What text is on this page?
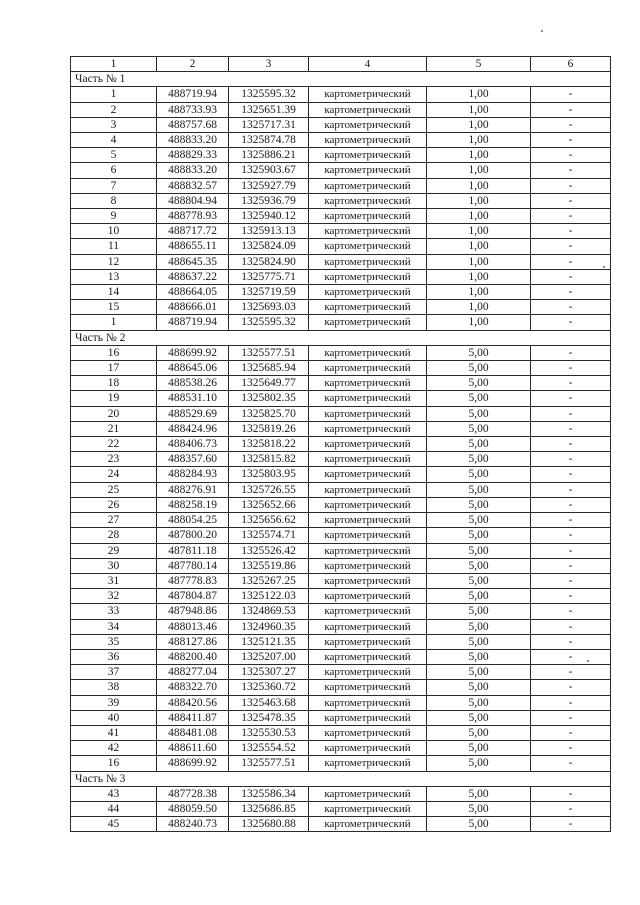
1	2	3	4	5	6
Часть № 1					
1	488719.94	1325595.32	картометрический	1,00	-
2	488733.93	1325651.39	картометрический	1,00	-
3	488757.68	1325717.31	картометрический	1,00	-
4	488833.20	1325874.78	картометрический	1,00	-
5	488829.33	1325886.21	картометрический	1,00	-
6	488833.20	1325903.67	картометрический	1,00	-
7	488832.57	1325927.79	картометрический	1,00	-
8	488804.94	1325936.79	картометрический	1,00	-
9	488778.93	1325940.12	картометрический	1,00	-
10	488717.72	1325913.13	картометрический	1,00	-
11	488655.11	1325824.09	картометрический	1,00	-
12	488645.35	1325824.90	картометрический	1,00	-
13	488637.22	1325775.71	картометрический	1,00	-
14	488664.05	1325719.59	картометрический	1,00	-
15	488666.01	1325693.03	картометрический	1,00	-
1	488719.94	1325595.32	картометрический	1,00	-
Часть № 2					
16	488699.92	1325577.51	картометрический	5,00	-
17	488645.06	1325685.94	картометрический	5,00	-
18	488538.26	1325649.77	картометрический	5,00	-
19	488531.10	1325802.35	картометрический	5,00	-
20	488529.69	1325825.70	картометрический	5,00	-
21	488424.96	1325819.26	картометрический	5,00	-
22	488406.73	1325818.22	картометрический	5,00	-
23	488357.60	1325815.82	картометрический	5,00	-
24	488284.93	1325803.95	картометрический	5,00	-
25	488276.91	1325726.55	картометрический	5,00	-
26	488258.19	1325652.66	картометрический	5,00	-
27	488054.25	1325656.62	картометрический	5,00	-
28	487800.20	1325574.71	картометрический	5,00	-
29	487811.18	1325526.42	картометрический	5,00	-
30	487780.14	1325519.86	картометрический	5,00	-
31	487778.83	1325267.25	картометрический	5,00	-
32	487804.87	1325122.03	картометрический	5,00	-
33	487948.86	1324869.53	картометрический	5,00	-
34	488013.46	1324960.35	картометрический	5,00	-
35	488127.86	1325121.35	картометрический	5,00	-
36	488200.40	1325207.00	картометрический	5,00	-
37	488277.04	1325307.27	картометрический	5,00	-
38	488322.70	1325360.72	картометрический	5,00	-
39	488420.56	1325463.68	картометрический	5,00	-
40	488411.87	1325478.35	картометрический	5,00	-
41	488481.08	1325530.53	картометрический	5,00	-
42	488611.60	1325554.52	картометрический	5,00	-
16	488699.92	1325577.51	картометрический	5,00	-
Часть № 3					
43	487728.38	1325586.34	картометрический	5,00	-
44	488059.50	1325686.85	картометрический	5,00	-
45	488240.73	1325680.88	картометрический	5,00	-
